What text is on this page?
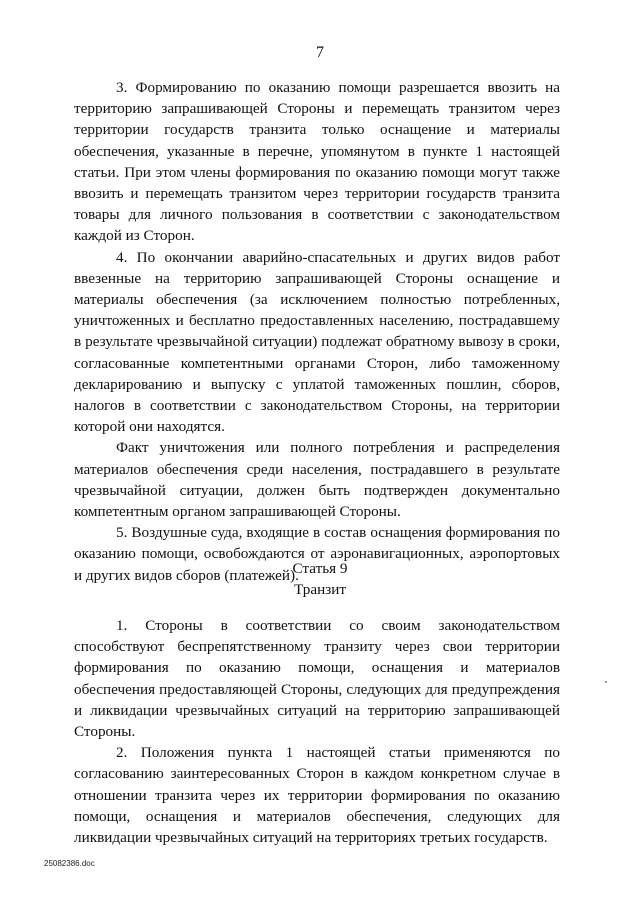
7

3. Формированию по оказанию помощи разрешается ввозить на территорию запрашивающей Стороны и перемещать транзитом через территории государств транзита только оснащение и материалы обеспечения, указанные в перечне, упомянутом в пункте 1 настоящей статьи. При этом члены формирования по оказанию помощи могут также ввозить и перемещать транзитом через территории государств транзита товары для личного пользования в соответствии с законодательством каждой из Сторон.

4. По окончании аварийно-спасательных и других видов работ ввезенные на территорию запрашивающей Стороны оснащение и материалы обеспечения (за исключением полностью потребленных, уничтоженных и бесплатно предоставленных населению, пострадавшему в результате чрезвычайной ситуации) подлежат обратному вывозу в сроки, согласованные компетентными органами Сторон, либо таможенному декларированию и выпуску с уплатой таможенных пошлин, сборов, налогов в соответствии с законодательством Стороны, на территории которой они находятся.

Факт уничтожения или полного потребления и распределения материалов обеспечения среди населения, пострадавшего в результате чрезвычайной ситуации, должен быть подтвержден документально компетентным органом запрашивающей Стороны.

5. Воздушные суда, входящие в состав оснащения формирования по оказанию помощи, освобождаются от аэронавигационных, аэропортовых и других видов сборов (платежей).

Статья 9
Транзит

1. Стороны в соответствии со своим законодательством способствуют беспрепятственному транзиту через свои территории формирования по оказанию помощи, оснащения и материалов обеспечения предоставляющей Стороны, следующих для предупреждения и ликвидации чрезвычайных ситуаций на территорию запрашивающей Стороны.

2. Положения пункта 1 настоящей статьи применяются по согласованию заинтересованных Сторон в каждом конкретном случае в отношении транзита через их территории формирования по оказанию помощи, оснащения и материалов обеспечения, следующих для ликвидации чрезвычайных ситуаций на территориях третьих государств.

25082386.doc
